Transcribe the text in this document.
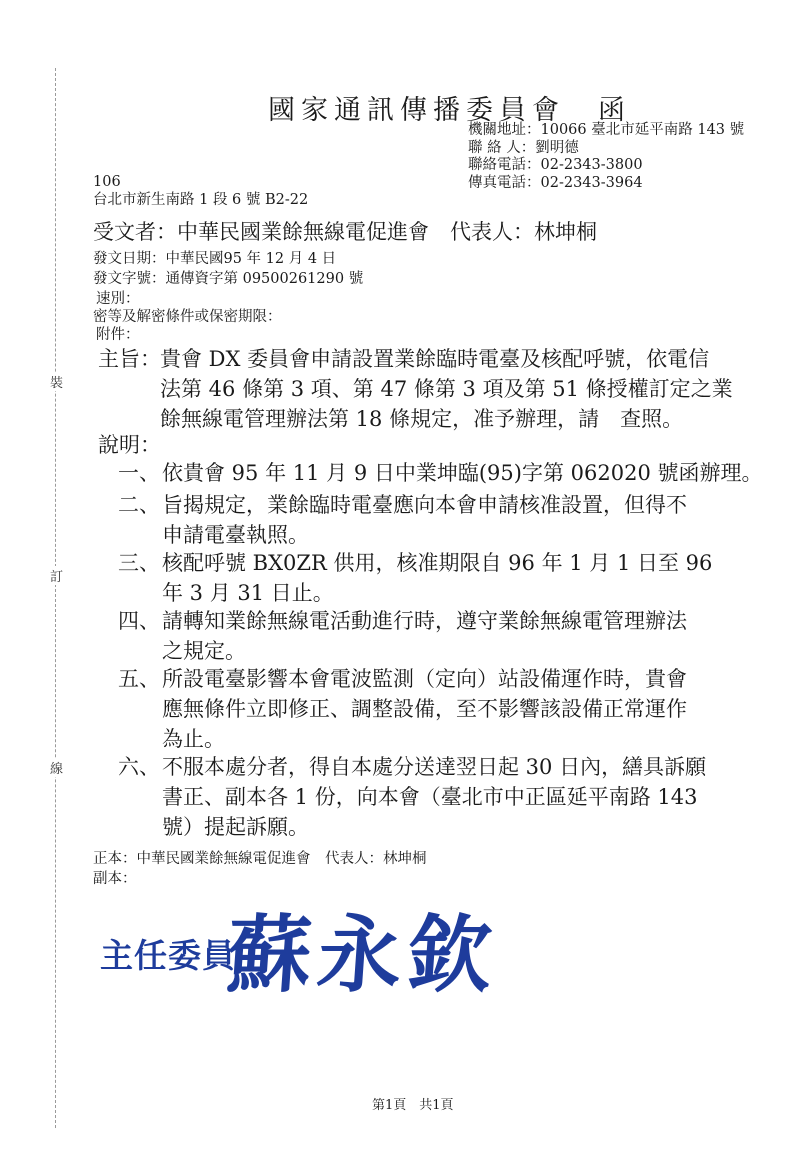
裝
訂
線
國家通訊傳播委員會　函
機關地址：10066 臺北市延平南路 143 號
聯 絡 人：劉明德
聯絡電話：02-2343-3800
傳真電話：02-2343-3964
106
台北市新生南路 1 段 6 號 B2-22
受文者：中華民國業餘無線電促進會　代表人：林坤桐
發文日期：中華民國95 年 12 月 4 日
發文字號：通傳資字第 09500261290 號
速別：
密等及解密條件或保密期限：
附件：
主旨： 貴會 DX 委員會申請設置業餘臨時電臺及核配呼號，依電信
法第 46 條第 3 項、第 47 條第 3 項及第 51 條授權訂定之業
餘無線電管理辦法第 18 條規定，准予辦理，請　查照。
說明：
一、 依貴會 95 年 11 月 9 日中業坤臨(95)字第 062020 號函辦理。
二、 旨揭規定，業餘臨時電臺應向本會申請核准設置，但得不
申請電臺執照。
三、 核配呼號 BX0ZR 供用，核准期限自 96 年 1 月 1 日至 96
年 3 月 31 日止。
四、 請轉知業餘無線電活動進行時，遵守業餘無線電管理辦法
之規定。
五、 所設電臺影響本會電波監測（定向）站設備運作時，貴會
應無條件立即修正、調整設備，至不影響該設備正常運作
為止。
六、 不服本處分者，得自本處分送達翌日起 30 日內，繕具訴願
書正、副本各 1 份，向本會（臺北市中正區延平南路 143
號）提起訴願。
正本：中華民國業餘無線電促進會　代表人：林坤桐
副本：
主任委員
蘇永欽
第1頁　共1頁
